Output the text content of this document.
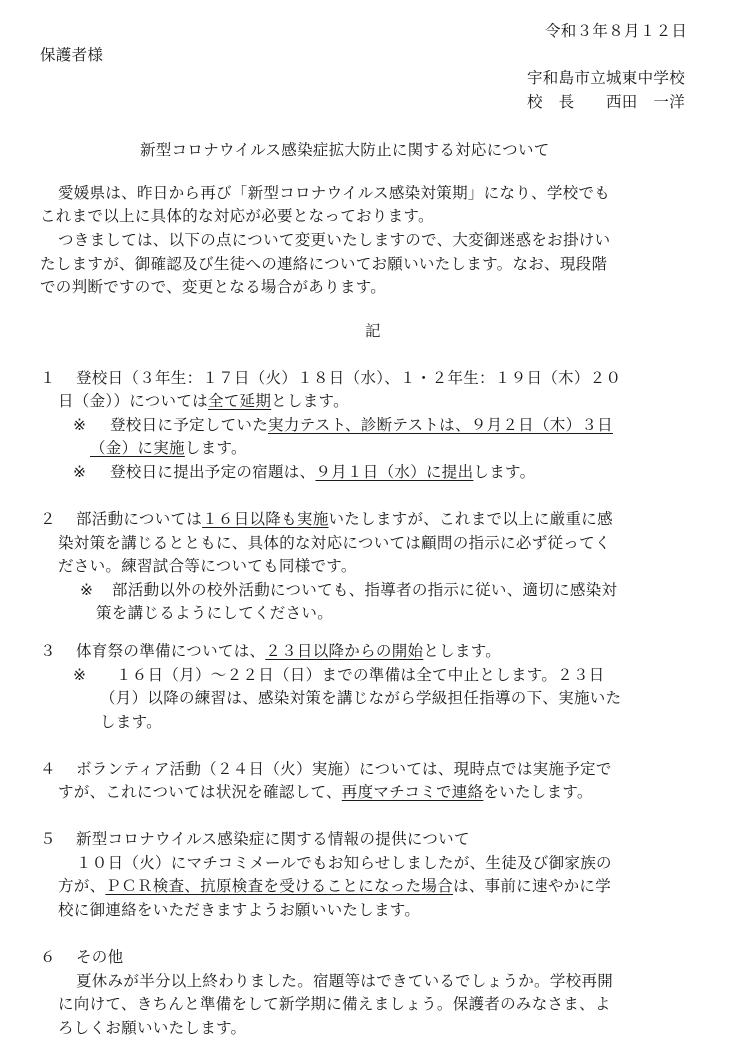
令和３年８月１２日
保護者様
宇和島市立城東中学校
校　長　　西田　一洋
新型コロナウイルス感染症拡大防止に関する対応について
愛媛県は、昨日から再び「新型コロナウイルス感染対策期」になり、学校でも
これまで以上に具体的な対応が必要となっております。
つきましては、以下の点について変更いたしますので、大変御迷惑をお掛けい
たしますが、御確認及び生徒への連絡についてお願いいたします。なお、現段階
での判断ですので、変更となる場合があります。
記
１ 登校日（３年生：１７日（火）１８日（水）、１・２年生：１９日（木）２０
日（金））については全て延期とします。
※ 登校日に予定していた実力テスト、診断テストは、９月２日（木）３日
（金）に実施します。
※ 登校日に提出予定の宿題は、９月１日（水）に提出します。
２ 部活動については１６日以降も実施いたしますが、これまで以上に厳重に感
染対策を講じるとともに、具体的な対応については顧問の指示に必ず従ってく
ださい。練習試合等についても同様です。
※ 部活動以外の校外活動についても、指導者の指示に従い、適切に感染対
策を講じるようにしてください。
３ 体育祭の準備については、２３日以降からの開始とします。
※ １６日（月）～２２日（日）までの準備は全て中止とします。２３日
（月）以降の練習は、感染対策を講じながら学級担任指導の下、実施いた
します。
４ ボランティア活動（２４日（火）実施）については、現時点では実施予定で
すが、これについては状況を確認して、再度マチコミで連絡をいたします。
５ 新型コロナウイルス感染症に関する情報の提供について
１０日（火）にマチコミメールでもお知らせしましたが、生徒及び御家族の
方が、ＰＣＲ検査、抗原検査を受けることになった場合は、事前に速やかに学
校に御連絡をいただきますようお願いいたします。
６ その他
夏休みが半分以上終わりました。宿題等はできているでしょうか。学校再開
に向けて、きちんと準備をして新学期に備えましょう。保護者のみなさま、よ
ろしくお願いいたします。
